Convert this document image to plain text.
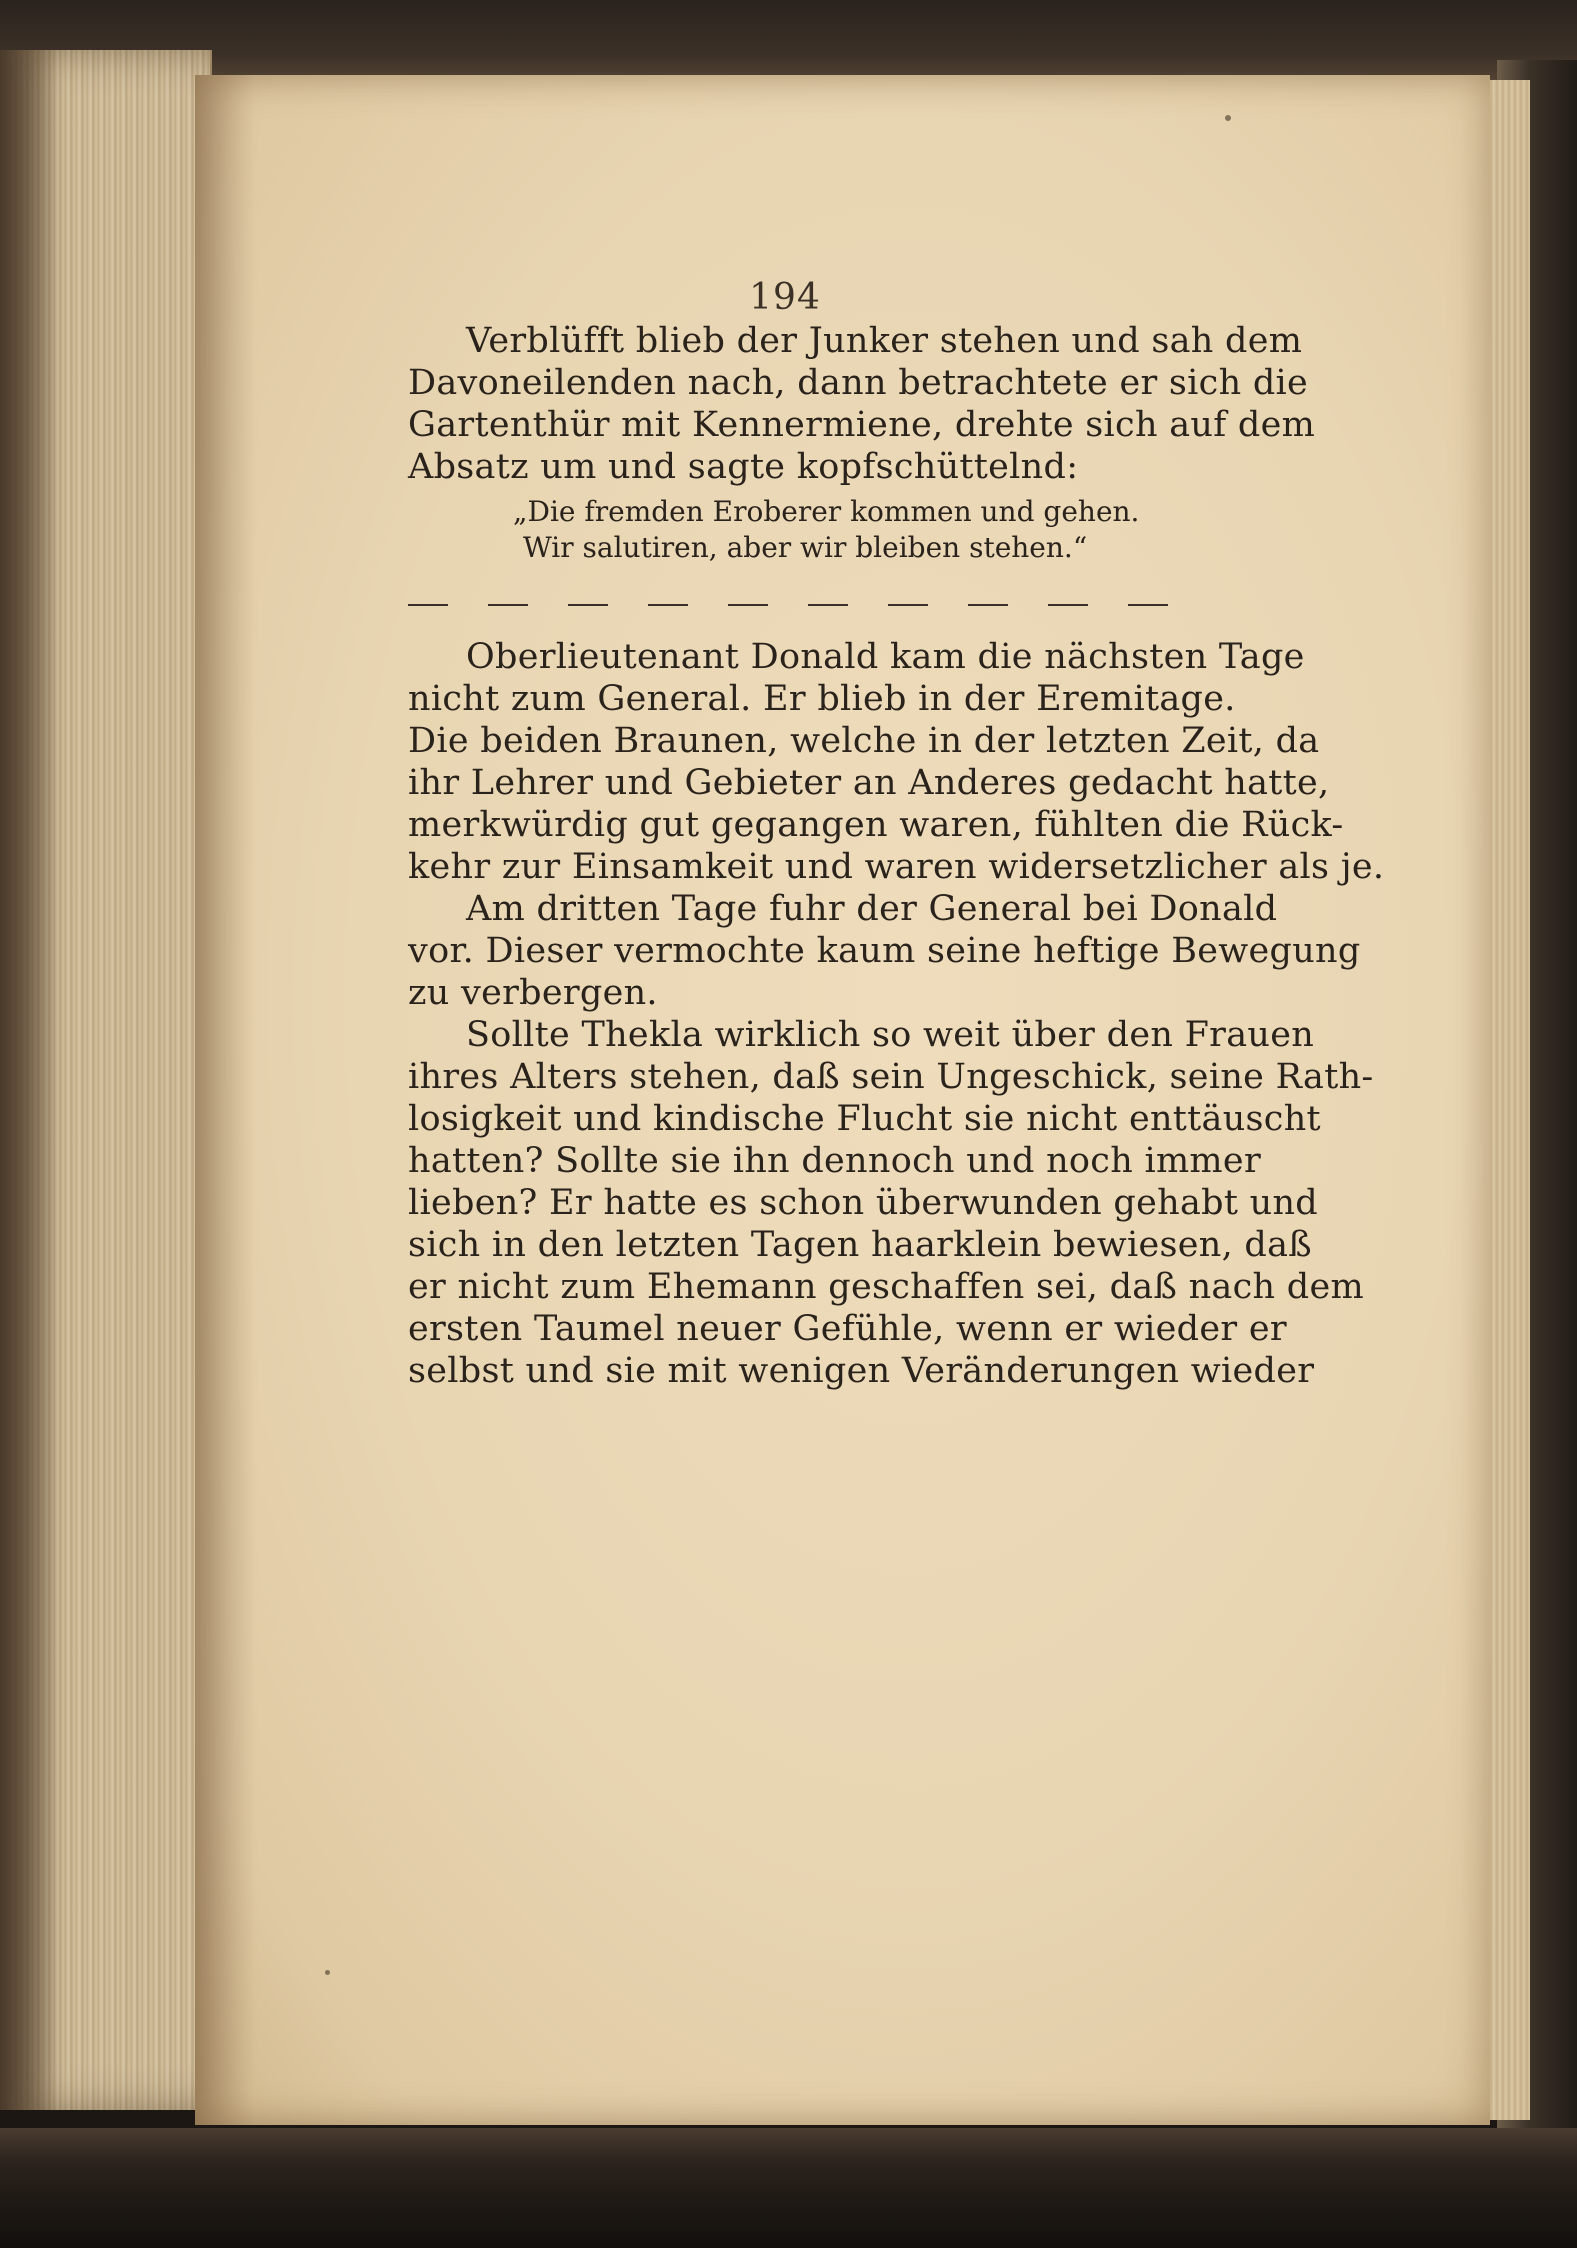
194
Verblüfft blieb der Junker stehen und sah dem
Davoneilenden nach, dann betrachtete er sich die
Gartenthür mit Kennermiene, drehte sich auf dem
Absatz um und sagte kopfschüttelnd:
„Die fremden Eroberer kommen und gehen.
Wir salutiren, aber wir bleiben stehen.“
Oberlieutenant Donald kam die nächsten Tage
nicht zum General. Er blieb in der Eremitage.
Die beiden Braunen, welche in der letzten Zeit, da
ihr Lehrer und Gebieter an Anderes gedacht hatte,
merkwürdig gut gegangen waren, fühlten die Rück-
kehr zur Einsamkeit und waren widersetzlicher als je.
Am dritten Tage fuhr der General bei Donald
vor. Dieser vermochte kaum seine heftige Bewegung
zu verbergen.
Sollte Thekla wirklich so weit über den Frauen
ihres Alters stehen, daß sein Ungeschick, seine Rath-
losigkeit und kindische Flucht sie nicht enttäuscht
hatten? Sollte sie ihn dennoch und noch immer
lieben? Er hatte es schon überwunden gehabt und
sich in den letzten Tagen haarklein bewiesen, daß
er nicht zum Ehemann geschaffen sei, daß nach dem
ersten Taumel neuer Gefühle, wenn er wieder er
selbst und sie mit wenigen Veränderungen wieder
